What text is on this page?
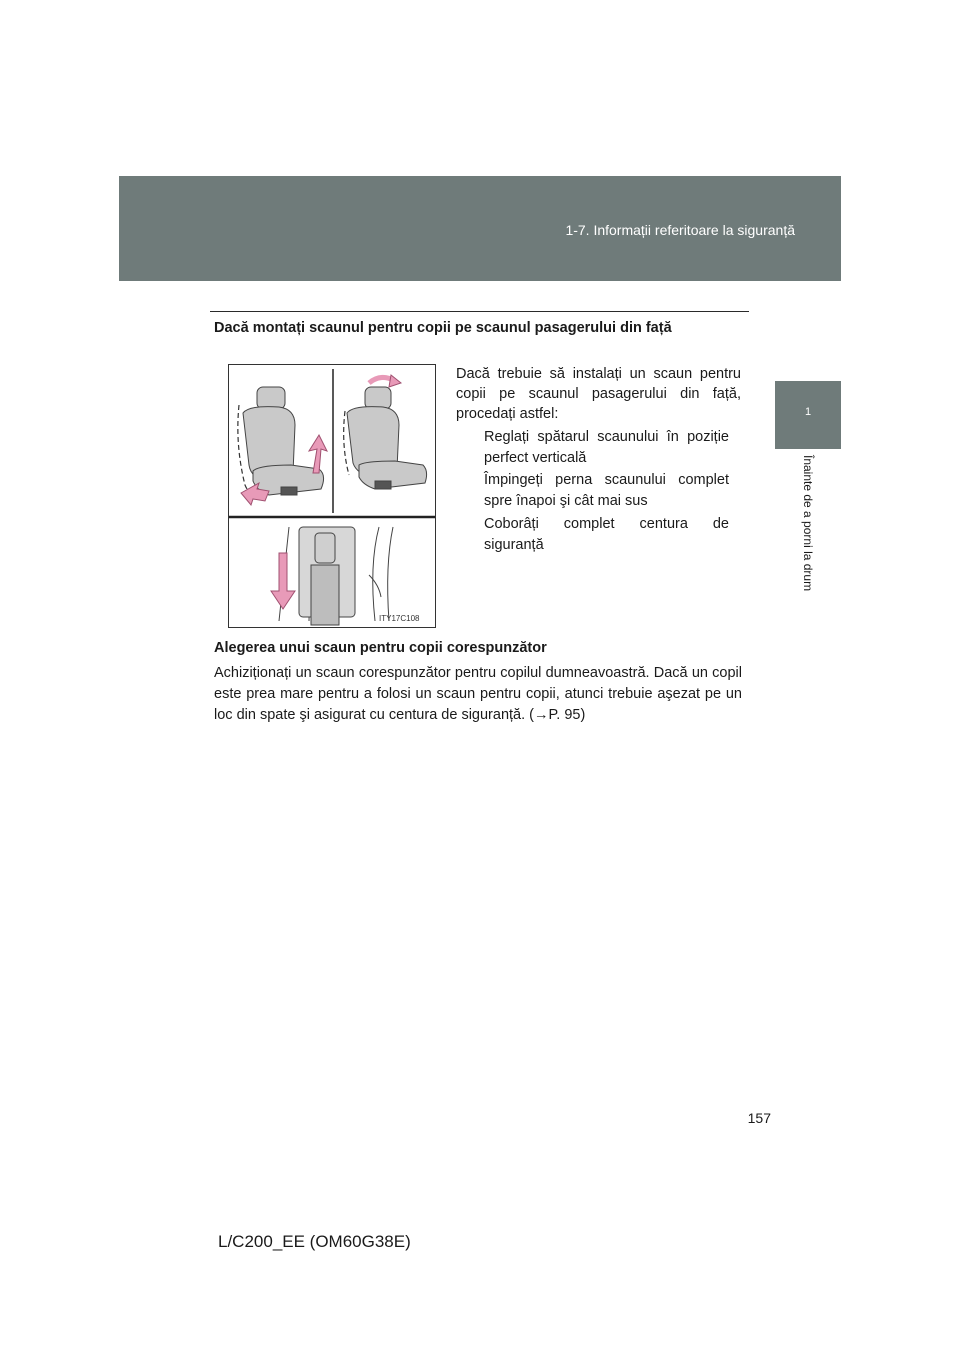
1-7. Informații referitoare la siguranță
1
Înainte de a porni la drum
Dacă montați scaunul pentru copii pe scaunul pasagerului din față
ITY17C108
Dacă trebuie să instalați un scaun pentru copii pe scaunul pasagerului din față, procedați astfel:
Reglați spătarul scaunului în poziție perfect verticală
Împingeți perna scaunului complet spre înapoi şi cât mai sus
Coborâți complet centura de siguranță
Alegerea unui scaun pentru copii corespunzător
Achiziționați un scaun corespunzător pentru copilul dumneavoastră. Dacă un copil este prea mare pentru a folosi un scaun pentru copii, atunci trebuie aşezat pe un loc din spate şi asigurat cu centura de siguranță. (→P. 95)
157
L/C200_EE (OM60G38E)
